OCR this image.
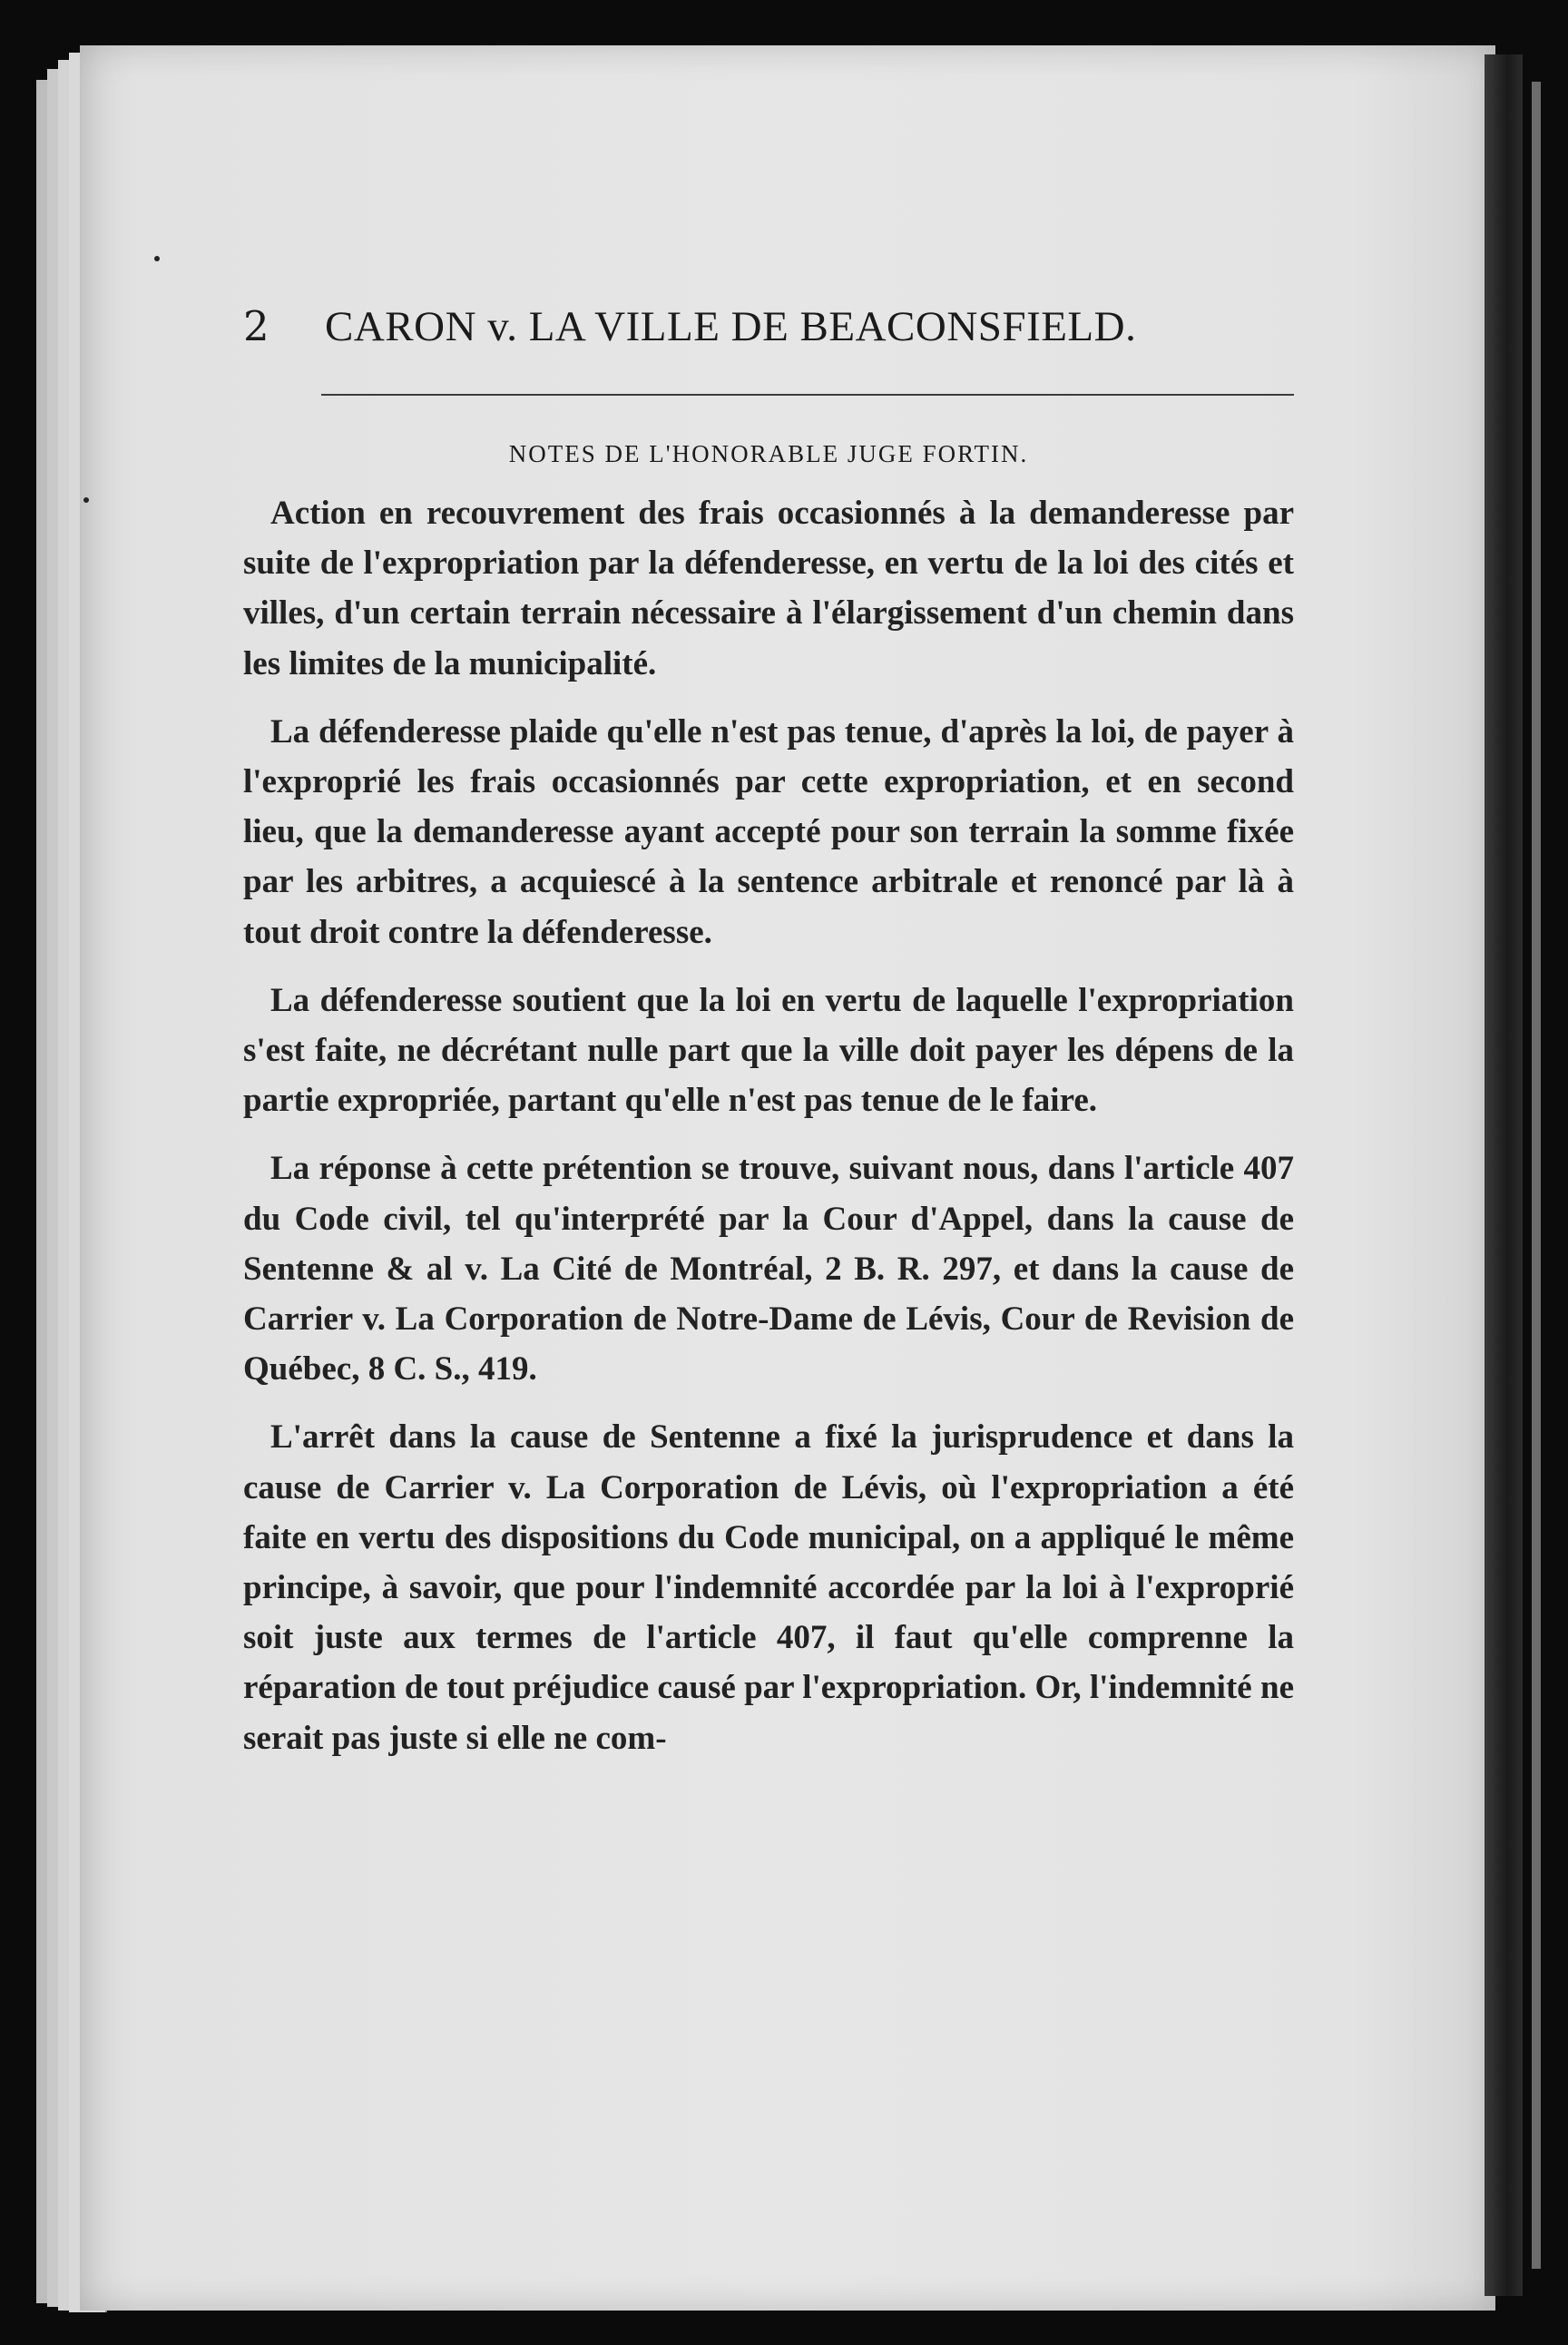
2	CARON v. LA VILLE DE BEACONSFIELD.
NOTES DE L'HONORABLE JUGE FORTIN.

Action en recouvrement des frais occasionnés à la demanderesse par suite de l'expropriation par la défenderesse, en vertu de la loi des cités et villes, d'un certain terrain nécessaire à l'élargissement d'un chemin dans les limites de la municipalité.

La défenderesse plaide qu'elle n'est pas tenue, d'après la loi, de payer à l'exproprié les frais occasionnés par cette expropriation, et en second lieu, que la demanderesse ayant accepté pour son terrain la somme fixée par les arbitres, a acquiescé à la sentence arbitrale et renoncé par là à tout droit contre la défenderesse.

La défenderesse soutient que la loi en vertu de laquelle l'expropriation s'est faite, ne décrétant nulle part que la ville doit payer les dépens de la partie expropriée, partant qu'elle n'est pas tenue de le faire.

La réponse à cette prétention se trouve, suivant nous, dans l'article 407 du Code civil, tel qu'interprété par la Cour d'Appel, dans la cause de Sentenne & al v. La Cité de Montréal, 2 B. R. 297, et dans la cause de Carrier v. La Corporation de Notre-Dame de Lévis, Cour de Revision de Québec, 8 C. S., 419.

L'arrêt dans la cause de Sentenne a fixé la jurisprudence et dans la cause de Carrier v. La Corporation de Lévis, où l'expropriation a été faite en vertu des dispositions du Code municipal, on a appliqué le même principe, à savoir, que pour l'indemnité accordée par la loi à l'exproprié soit juste aux termes de l'article 407, il faut qu'elle comprenne la réparation de tout préjudice causé par l'expropriation. Or, l'indemnité ne serait pas juste si elle ne com-
